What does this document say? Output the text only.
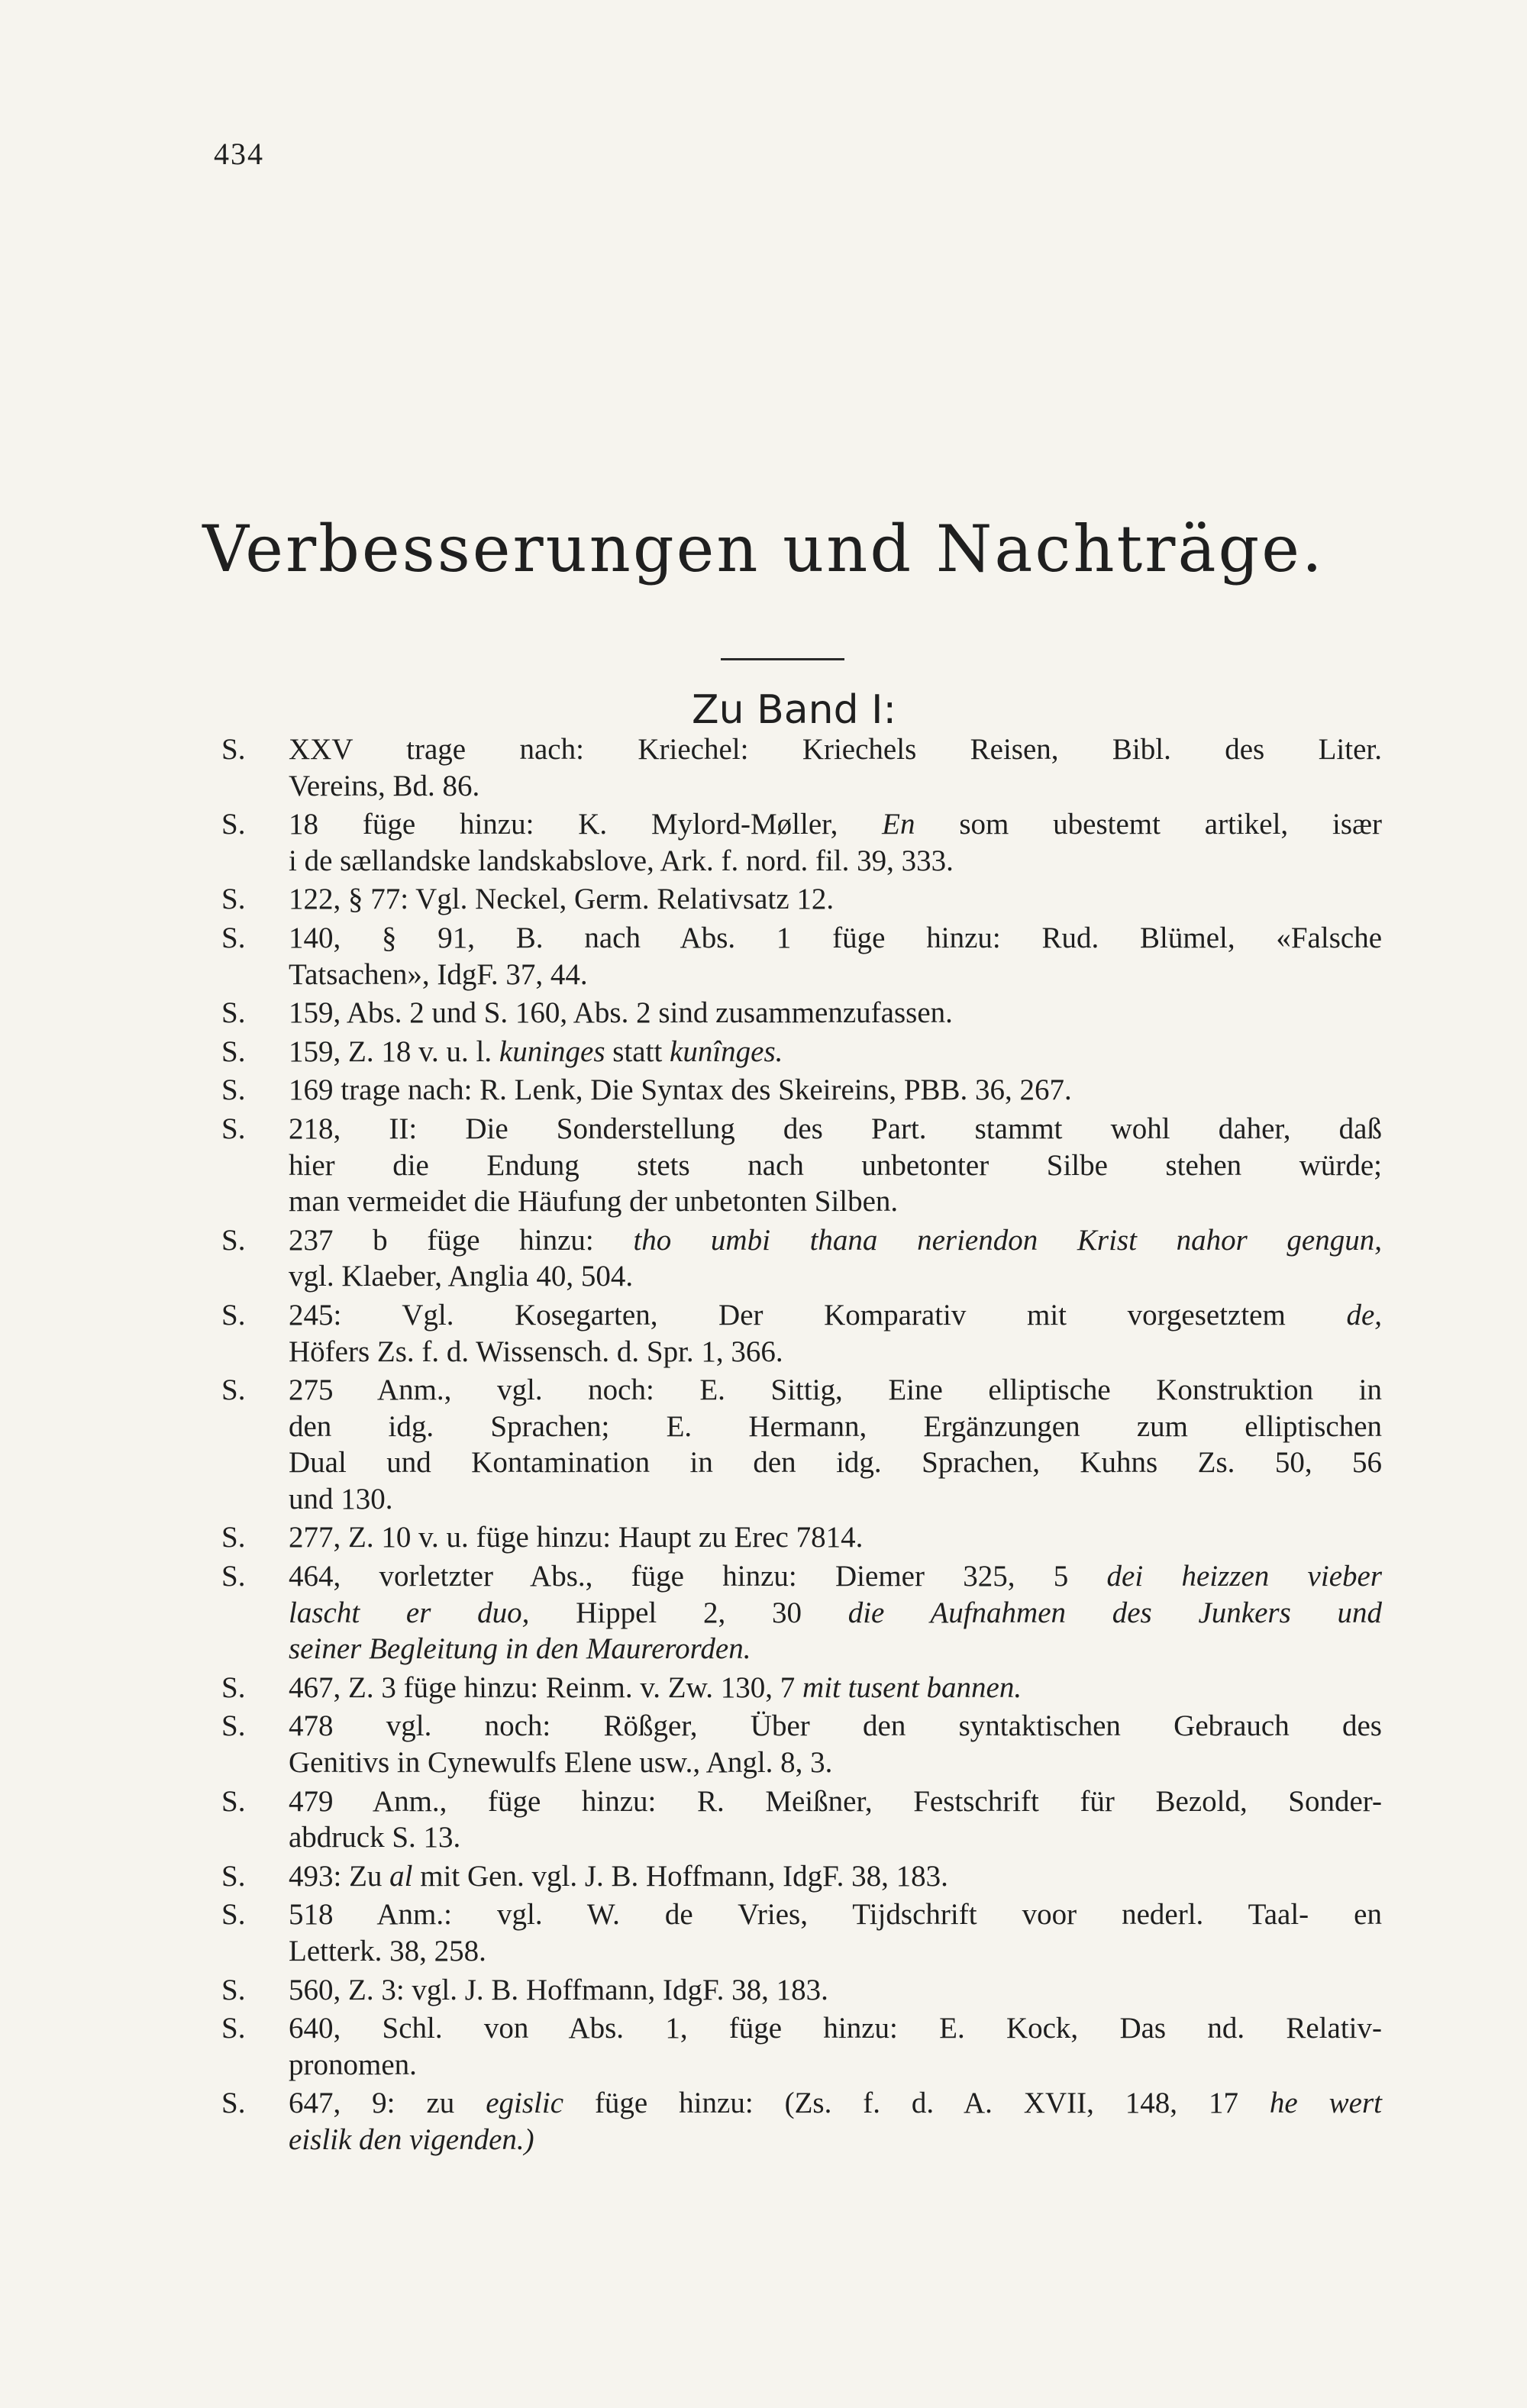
434
Verbesserungen und Nachträge.
Zu Band I:
S.	XXV trage nach: Kriechel: Kriechels Reisen, Bibl. des Liter.
Vereins, Bd. 86.
S.	18 füge hinzu: K. Mylord-Møller, En som ubestemt artikel, især
i de sællandske landskabslove, Ark. f. nord. fil. 39, 333.
S.	122, § 77: Vgl. Neckel, Germ. Relativsatz 12.
S.	140, § 91, B. nach Abs. 1 füge hinzu: Rud. Blümel, «Falsche
Tatsachen», IdgF. 37, 44.
S.	159, Abs. 2 und S. 160, Abs. 2 sind zusammenzufassen.
S.	159, Z. 18 v. u. l. kuninges statt kunînges.
S.	169 trage nach: R. Lenk, Die Syntax des Skeireins, PBB. 36, 267.
S.	218, II: Die Sonderstellung des Part. stammt wohl daher, daß
hier die Endung stets nach unbetonter Silbe stehen würde;
man vermeidet die Häufung der unbetonten Silben.
S.	237 b füge hinzu: tho umbi thana neriendon Krist nahor gengun,
vgl. Klaeber, Anglia 40, 504.
S.	245: Vgl. Kosegarten, Der Komparativ mit vorgesetztem de,
Höfers Zs. f. d. Wissensch. d. Spr. 1, 366.
S.	275 Anm., vgl. noch: E. Sittig, Eine elliptische Konstruktion in
den idg. Sprachen; E. Hermann, Ergänzungen zum elliptischen
Dual und Kontamination in den idg. Sprachen, Kuhns Zs. 50, 56
und 130.
S.	277, Z. 10 v. u. füge hinzu: Haupt zu Erec 7814.
S.	464, vorletzter Abs., füge hinzu: Diemer 325, 5 dei heizzen vieber
lascht er duo, Hippel 2, 30 die Aufnahmen des Junkers und
seiner Begleitung in den Maurerorden.
S.	467, Z. 3 füge hinzu: Reinm. v. Zw. 130, 7 mit tusent bannen.
S.	478 vgl. noch: Rößger, Über den syntaktischen Gebrauch des
Genitivs in Cynewulfs Elene usw., Angl. 8, 3.
S.	479 Anm., füge hinzu: R. Meißner, Festschrift für Bezold, Sonder-
abdruck S. 13.
S.	493: Zu al mit Gen. vgl. J. B. Hoffmann, IdgF. 38, 183.
S.	518 Anm.: vgl. W. de Vries, Tijdschrift voor nederl. Taal- en
Letterk. 38, 258.
S.	560, Z. 3: vgl. J. B. Hoffmann, IdgF. 38, 183.
S.	640, Schl. von Abs. 1, füge hinzu: E. Kock, Das nd. Relativ-
pronomen.
S.	647, 9: zu egislic füge hinzu: (Zs. f. d. A. XVII, 148, 17 he wert
eislik den vigenden.)
